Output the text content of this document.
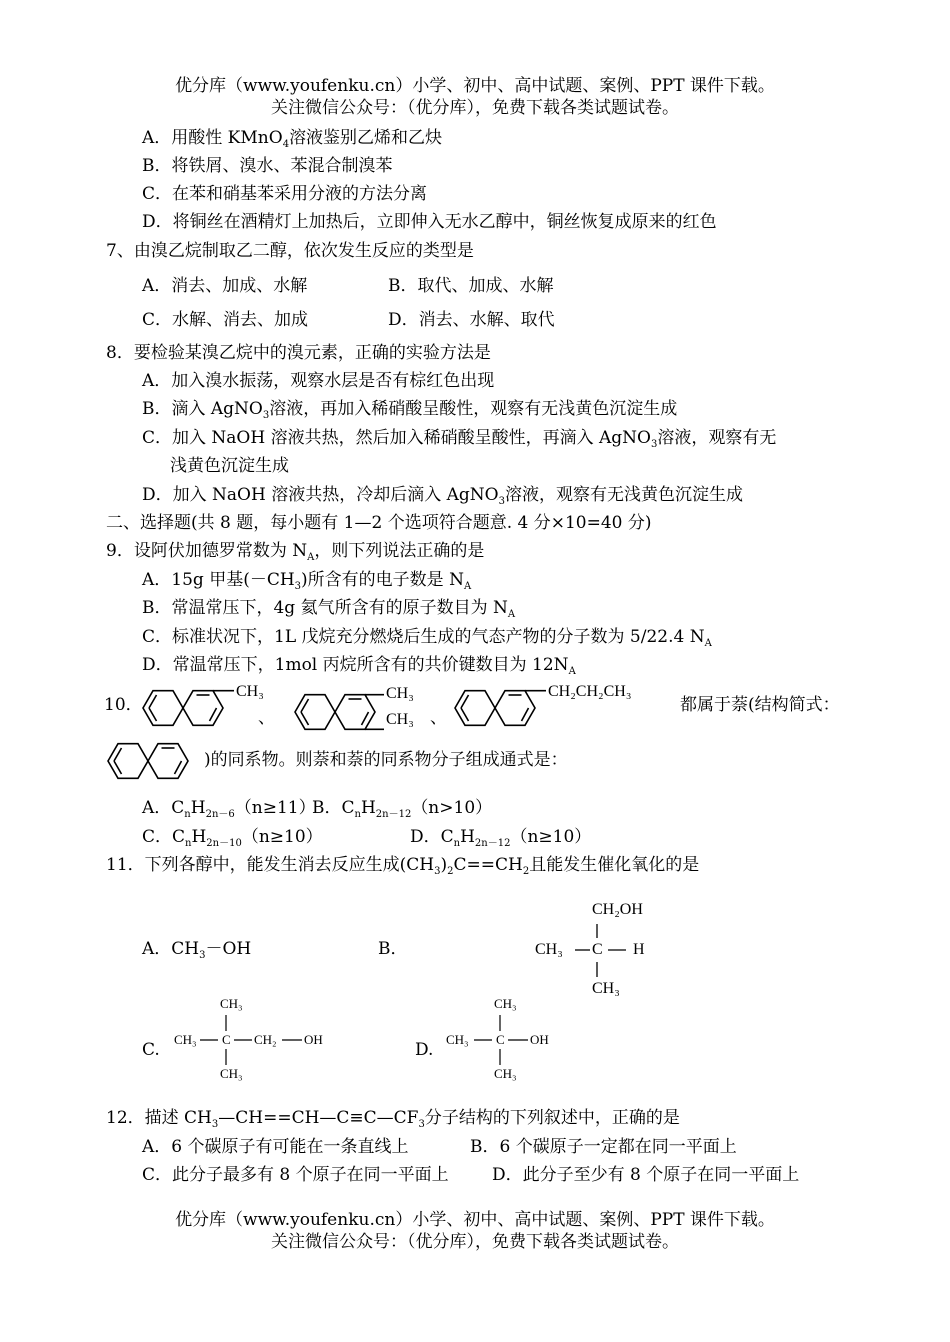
优分库（www.youfenku.cn）小学、初中、高中试题、案例、PPT 课件下载。
关注微信公众号：（优分库），免费下载各类试题试卷。
A．用酸性 KMnO$_4$溶液鉴别乙烯和乙炔
B．将铁屑、溴水、苯混合制溴苯
C．在苯和硝基苯采用分液的方法分离
D．将铜丝在酒精灯上加热后，立即伸入无水乙醇中，铜丝恢复成原来的红色
7、由溴乙烷制取乙二醇，依次发生反应的类型是
A．消去、加成、水解	B．取代、加成、水解
C．水解、消去、加成	D．消去、水解、取代
8．要检验某溴乙烷中的溴元素，正确的实验方法是
A．加入溴水振荡，观察水层是否有棕红色出现
B．滴入 AgNO$_3$溶液，再加入稀硝酸呈酸性，观察有无浅黄色沉淀生成
C．加入 NaOH 溶液共热，然后加入稀硝酸呈酸性，再滴入 AgNO$_3$溶液，观察有无
浅黄色沉淀生成
D．加入 NaOH 溶液共热，冷却后滴入 AgNO$_3$溶液，观察有无浅黄色沉淀生成
二、选择题(共 8 题，每小题有 1—2 个选项符合题意. 4 分×10=40 分)
9．设阿伏加德罗常数为 $N_A$，则下列说法正确的是
A．15g 甲基$(-CH_3)$所含有的电子数是 $N_A$
B．常温常压下，4g 氦气所含有的原子数目为 $N_A$
C．标准状况下，1L 戊烷充分燃烧后生成的气态产物的分子数为 5/22.4 $N_A$
D．常温常压下，1mol 丙烷所含有的共价键数目为 $12N_A$
10．
CH₃
、
CH₃
CH₃ 、
CH₂CH₂CH₃
都属于萘(结构简式：
)的同系物。则萘和萘的同系物分子组成通式是：
A．$C_nH_{2n-6}(n\ge 11)$
B．$C_nH_{2n-12}(n>10)$
C．$C_nH_{2n-10}(n\ge 10)$	D．$C_nH_{2n-12}(n\ge 10)$
11．下列各醇中，能发生消去反应生成$(CH_3)_2C==CH_2$且能发生催化氧化的是
A．$CH_3-OH$	B．
CH₂OH
CH₃ C H
CH₃
C.
CH₃
CH₃ C CH₂ OH
CH₃
D.
CH₃
CH₃ C OH
CH₃
12．描述 $CH_3—CH==CH—C\equiv C—CF_3$分子结构的下列叙述中，正确的是
A．6 个碳原子有可能在一条直线上	B．6 个碳原子一定都在同一平面上
C．此分子最多有 8 个原子在同一平面上	D．此分子至少有 8 个原子在同一平面上
优分库（www.youfenku.cn）小学、初中、高中试题、案例、PPT 课件下载。
关注微信公众号：（优分库），免费下载各类试题试卷。
